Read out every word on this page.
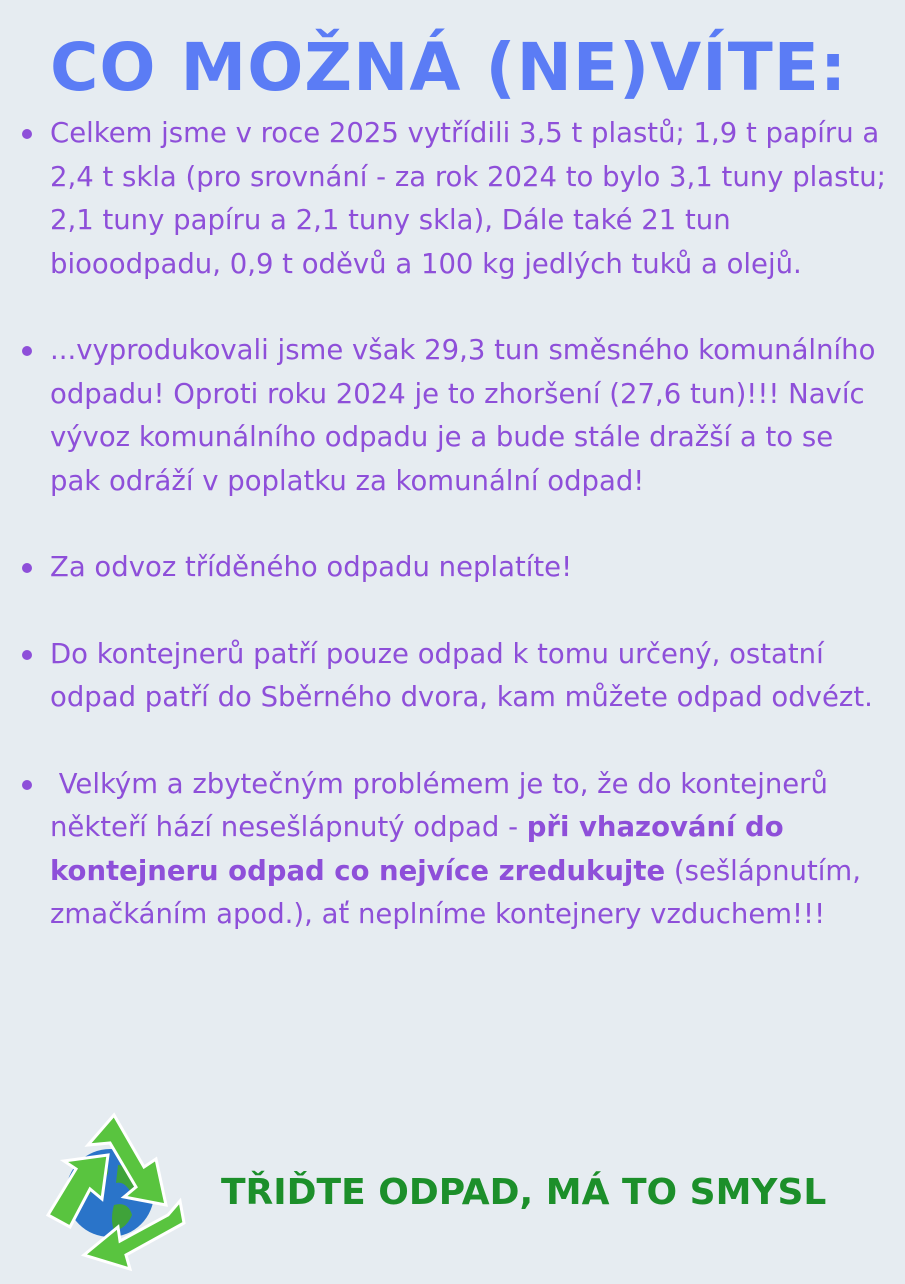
CO MOŽNÁ (NE)VÍTE:
Celkem jsme v roce 2025 vytřídili 3,5 t plastů; 1,9 t papíru a 2,4 t skla (pro srovnání - za rok 2024 to bylo 3,1 tuny plastu; 2,1 tuny papíru a 2,1 tuny skla), Dále také 21 tun biooodpadu, 0,9 t oděvů a 100 kg jedlých tuků a olejů.
...vyprodukovali jsme však 29,3 tun směsného komunálního odpadu! Oproti roku 2024 je to zhoršení (27,6 tun)!!! Navíc vývoz komunálního odpadu je a bude stále dražší a to se pak odráží v poplatku za komunální odpad!
Za odvoz tříděného odpadu neplatíte!
Do kontejnerů patří pouze odpad k tomu určený, ostatní odpad patří do Sběrného dvora, kam můžete odpad odvézt.
Velkým a zbytečným problémem je to, že do kontejnerů někteří hází nesešlápnutý odpad - při vhazování do kontejneru odpad co nejvíce zredukujte (sešlápnutím, zmačkáním apod.), ať neplníme kontejnery vzduchem!!!
TŘIĎTE ODPAD, MÁ TO SMYSL
